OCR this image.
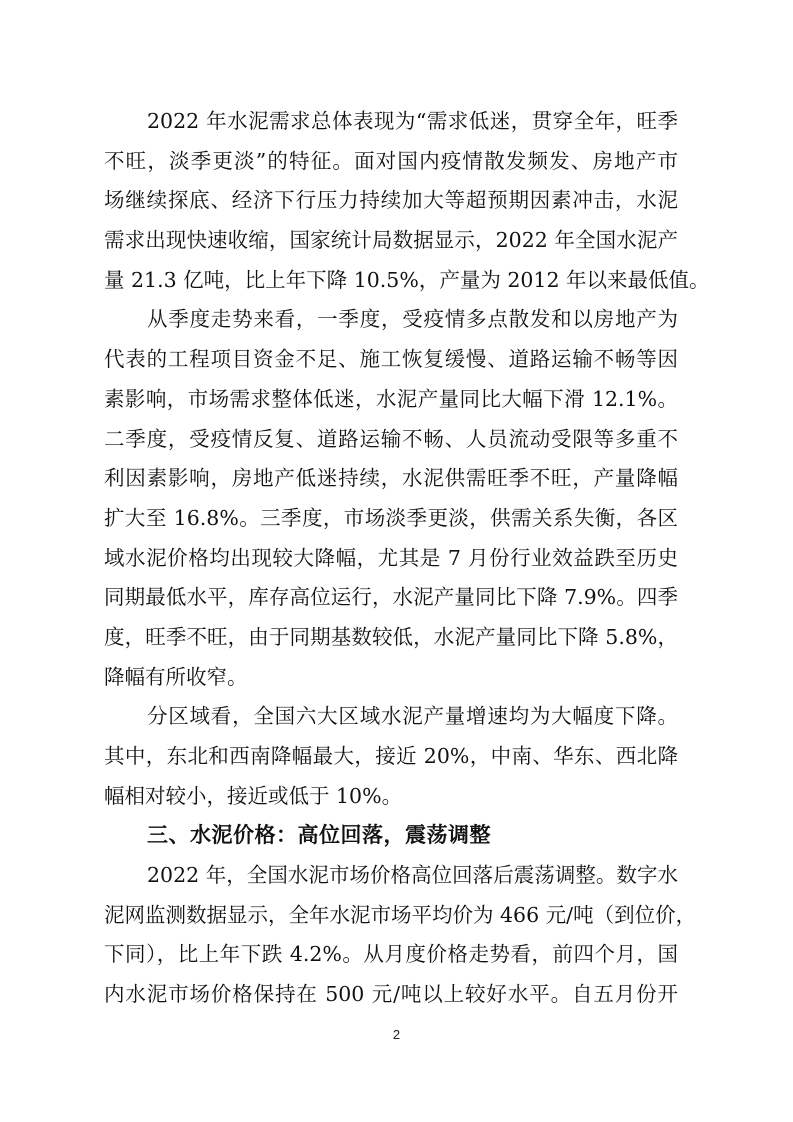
2022 年水泥需求总体表现为“需求低迷，贯穿全年，旺季
不旺，淡季更淡”的特征。面对国内疫情散发频发、房地产市
场继续探底、经济下行压力持续加大等超预期因素冲击，水泥
需求出现快速收缩，国家统计局数据显示，2022 年全国水泥产
量 21.3 亿吨，比上年下降 10.5%，产量为 2012 年以来最低值。
从季度走势来看，一季度，受疫情多点散发和以房地产为
代表的工程项目资金不足、施工恢复缓慢、道路运输不畅等因
素影响，市场需求整体低迷，水泥产量同比大幅下滑 12.1%。
二季度，受疫情反复、道路运输不畅、人员流动受限等多重不
利因素影响，房地产低迷持续，水泥供需旺季不旺，产量降幅
扩大至 16.8%。三季度，市场淡季更淡，供需关系失衡，各区
域水泥价格均出现较大降幅，尤其是 7 月份行业效益跌至历史
同期最低水平，库存高位运行，水泥产量同比下降 7.9%。四季
度，旺季不旺，由于同期基数较低，水泥产量同比下降 5.8%，
降幅有所收窄。
分区域看，全国六大区域水泥产量增速均为大幅度下降。
其中，东北和西南降幅最大，接近 20%，中南、华东、西北降
幅相对较小，接近或低于 10%。
三、水泥价格：高位回落，震荡调整
2022 年，全国水泥市场价格高位回落后震荡调整。数字水
泥网监测数据显示，全年水泥市场平均价为 466 元/吨（到位价，
下同），比上年下跌 4.2%。从月度价格走势看，前四个月，国
内水泥市场价格保持在 500 元/吨以上较好水平。自五月份开
2
